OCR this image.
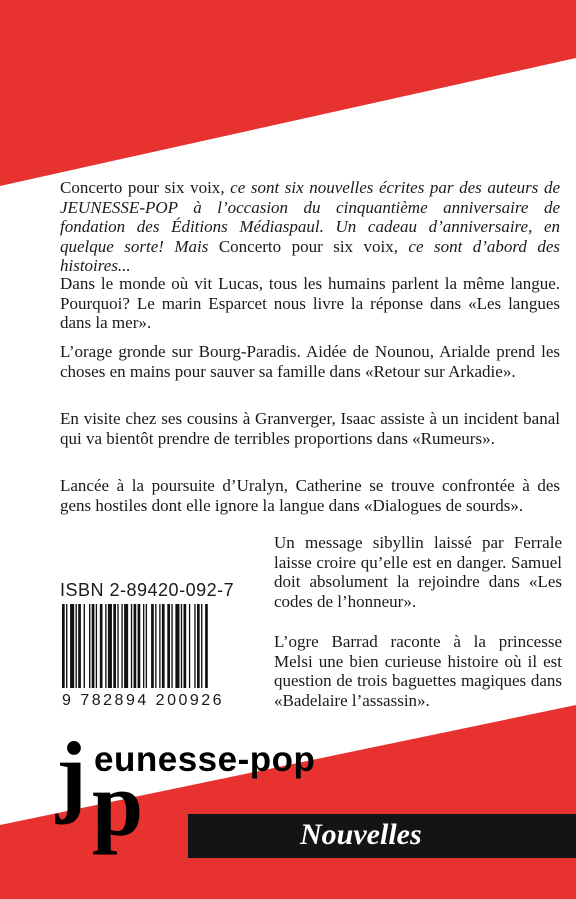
Concerto pour six voix, ce sont six nouvelles écrites par des auteurs de JEUNESSE-POP à l’occasion du cinquantième anniversaire de fondation des Éditions Médiaspaul. Un cadeau d’anniversaire, en quelque sorte! Mais Concerto pour six voix, ce sont d’abord des histoires...

Dans le monde où vit Lucas, tous les humains parlent la même langue. Pourquoi? Le marin Esparcet nous livre la réponse dans «Les langues dans la mer».

L’orage gronde sur Bourg-Paradis. Aidée de Nounou, Arialde prend les choses en mains pour sauver sa famille dans «Retour sur Arkadie».

En visite chez ses cousins à Granverger, Isaac assiste à un incident banal qui va bientôt prendre de terribles proportions dans «Rumeurs».

Lancée à la poursuite d’Uralyn, Catherine se trouve confrontée à des gens hostiles dont elle ignore la langue dans «Dialogues de sourds».

Un message sibyllin laissé par Ferrale laisse croire qu’elle est en danger. Samuel doit absolument la rejoindre dans «Les codes de l’honneur».

L’ogre Barrad raconte à la princesse Melsi une bien curieuse histoire où il est question de trois baguettes magiques dans «Badelaire l’assassin».

ISBN 2-89420-092-7
9 782894 200926
Nouvelles
j p
eunesse-pop
